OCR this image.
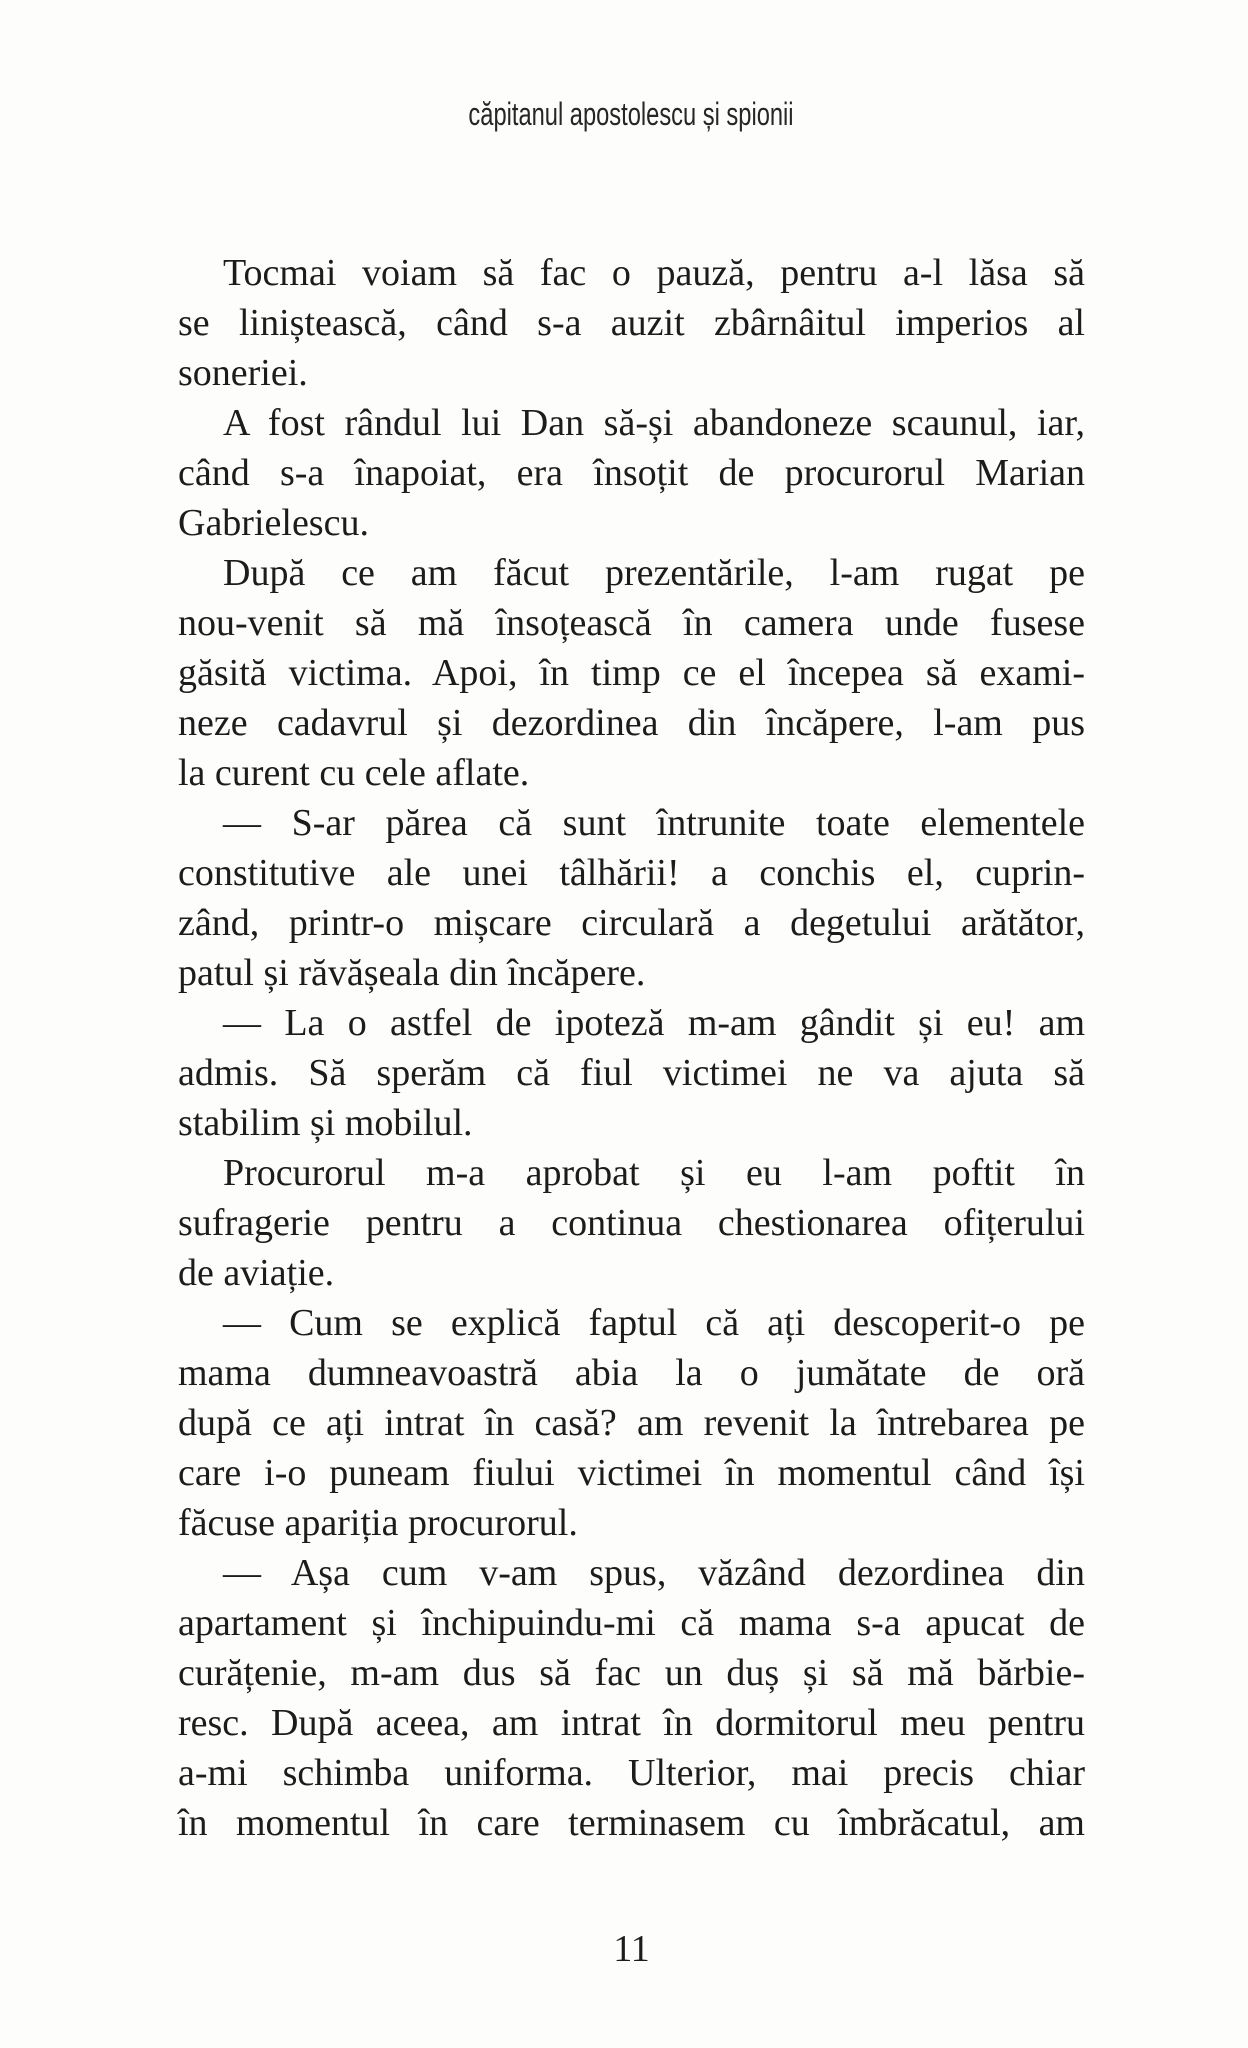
căpitanul apostolescu și spionii

Tocmai voiam să fac o pauză, pentru a-l lăsa să
se liniștească, când s-a auzit zbârnâitul imperios al
soneriei.

A fost rândul lui Dan să-și abandoneze scaunul, iar,
când s-a înapoiat, era însoțit de procurorul Marian
Gabrielescu.

După ce am făcut prezentările, l-am rugat pe
nou-venit să mă însoțească în camera unde fusese
găsită victima. Apoi, în timp ce el începea să exami-
neze cadavrul și dezordinea din încăpere, l-am pus
la curent cu cele aflate.

— S-ar părea că sunt întrunite toate elementele
constitutive ale unei tâlhării! a conchis el, cuprin-
zând, printr-o mișcare circulară a degetului arătător,
patul și răvășeala din încăpere.

— La o astfel de ipoteză m-am gândit și eu! am
admis. Să sperăm că fiul victimei ne va ajuta să
stabilim și mobilul.

Procurorul m-a aprobat și eu l-am poftit în
sufragerie pentru a continua chestionarea ofițerului
de aviație.

— Cum se explică faptul că ați descoperit-o pe
mama dumneavoastră abia la o jumătate de oră
după ce ați intrat în casă? am revenit la întrebarea pe
care i-o puneam fiului victimei în momentul când își
făcuse apariția procurorul.

— Așa cum v-am spus, văzând dezordinea din
apartament și închipuindu-mi că mama s-a apucat de
curățenie, m-am dus să fac un duș și să mă bărbie-
resc. După aceea, am intrat în dormitorul meu pentru
a-mi schimba uniforma. Ulterior, mai precis chiar
în momentul în care terminasem cu îmbrăcatul, am

11
